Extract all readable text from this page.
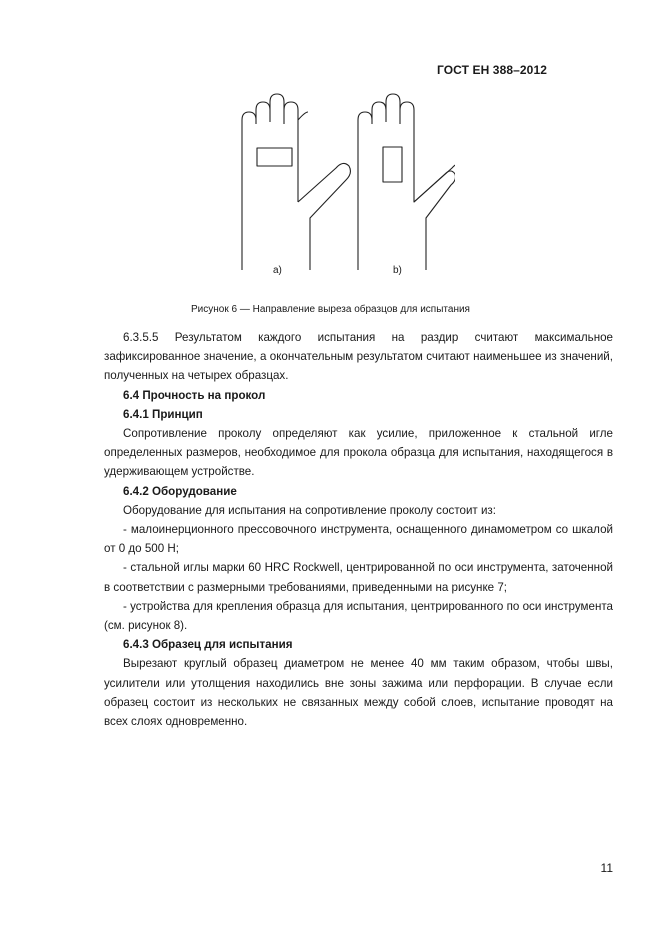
ГОСТ ЕН 388–2012
а)	b)
Рисунок 6 — Направление выреза образцов для испытания

6.3.5.5 Результатом каждого испытания на раздир считают максимальное зафиксированное значение, а окончательным результатом считают наименьшее из значений, полученных на четырех образцах.

6.4 Прочность на прокол

6.4.1 Принцип

Сопротивление проколу определяют как усилие, приложенное к стальной игле определенных размеров, необходимое для прокола образца для испытания, находящегося в удерживающем устройстве.

6.4.2 Оборудование

Оборудование для испытания на сопротивление проколу состоит из:

- малоинерционного прессовочного инструмента, оснащенного динамометром со шкалой от 0 до 500 Н;

- стальной иглы марки 60 HRC Rockwell, центрированной по оси инструмента, заточенной в соответствии с размерными требованиями, приведенными на рисунке 7;

- устройства для крепления образца для испытания, центрированного по оси инструмента (см. рисунок 8).

6.4.3 Образец для испытания

Вырезают круглый образец диаметром не менее 40 мм таким образом, чтобы швы, усилители или утолщения находились вне зоны зажима или перфорации. В случае если образец состоит из нескольких не связанных между собой слоев, испытание проводят на всех слоях одновременно.

11
